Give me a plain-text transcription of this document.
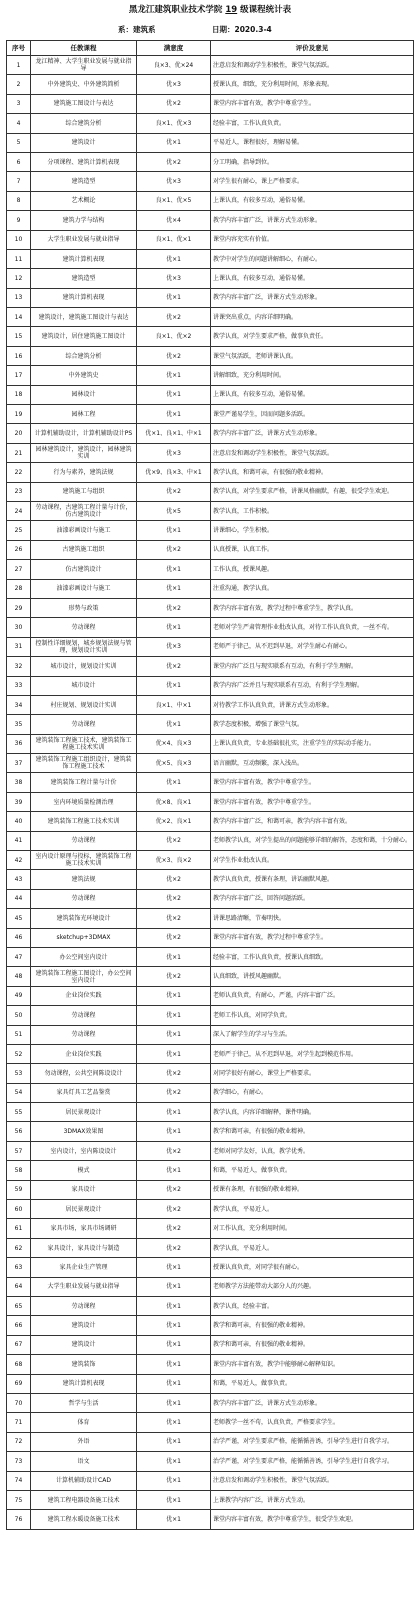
黑龙江建筑职业技术学院 19 级课程统计表
系：建筑系	日期：2020.3-4
序号	任教课程	满意度	评价及意见
1	龙江精神、大学生职业发展与就业指导	良×3、优×24	注意启发和调动学生积极性，课堂气氛活跃。
2	中外建筑史、中外建筑简析	优×3	授课认真，细致，充分利用时间，形象表现。
3	建筑施工图设计与表达	优×2	课堂内容丰富有效，教学中尊重学生。
4	综合建筑分析	良×1、优×3	经验丰富，工作认真负责。
5	建筑设计	优×1	平易近人，课程很好，理解易懂。
6	分项课程、建筑计算机表现	优×2	分工明确，指导到位。
7	建筑造型	优×3	对学生很有耐心，课上严格要求。
8	艺术概论	良×1、优×5	上课认真，有较多互动，通俗易懂。
9	建筑力学与结构	优×4	教学内容丰富广泛，讲课方式生动形象。
10	大学生职业发展与就业指导	良×1、优×1	课堂内容充实有价值。
11	建筑计算机表现	优×1	教学中对学生的问题讲解细心，有耐心。
12	建筑造型	优×3	上课认真，有较多互动，通俗易懂。
13	建筑计算机表现	优×1	教学内容丰富广泛，讲课方式生动形象。
14	建筑设计，建筑施工图设计与表达	优×2	讲课突出重点，内容详细明确。
15	建筑设计，居住建筑施工图设计	良×1、优×2	教学认真，对学生要求严格，做事负责任。
16	综合建筑分析	优×2	课堂气氛活跃，老师讲课认真。
17	中外建筑史	优×1	讲解细致，充分利用时间。
18	园林设计	优×1	上课认真，有较多互动，通俗易懂。
19	园林工程	优×1	课堂严谨易学生，因而问题多活跃。
20	计算机辅助设计，计算机辅助设计PS	优×1、良×1、中×1	教学内容丰富广泛，讲课方式生动形象。
21	园林建筑设计，建筑设计，园林建筑实训	优×3	注意启发和调动学生积极性，课堂气氛活跃。
22	行为与素养，建筑法规	优×9、良×3、中×1	教学认真，和蔼可亲，有很强的敬业精神。
23	建筑施工与组织	优×2	教学认真，对学生要求严格，讲课风格幽默，有趣，很受学生欢迎。
24	劳动课程，古建筑工程计量与计价，仿古建筑设计	优×5	教学认真，工作积极。
25	油漆彩画设计与施工	优×1	讲课细心，学生积极。
26	古建筑施工组织	优×2	认真授课，认真工作。
27	仿古建筑设计	优×1	工作认真，授课风趣。
28	油漆彩画设计与施工	优×1	注重沟通，教学认真。
29	形势与政策	优×2	教学内容丰富有效，教学过程中尊重学生，教学认真。
30	劳动课程	优×1	老师对学生严肃管理作业批改认真，对待工作认真负责，一丝不苟。
31	控制性详细规划，城乡规划法规与管理，规划设计实训	优×3	老师严于律己，从不迟到早退，对学生耐心有耐心。
32	城市设计，规划设计实训	优×2	课堂内容广泛且与现实联系有互动，有利于学生理解。
33	城市设计	优×1	教学内容广泛并且与现实联系有互动，有利于学生理解。
34	村庄规划、规划设计实训	良×1、中×1	对待教学工作认真负责，讲课方式生动形象。
35	劳动课程	优×1	教学态度积极，增强了课堂气氛。
36	建筑装饰工程施工技术，建筑装饰工程施工技术实训	优×4、良×3	上课认真负责，专业基础很扎实，注重学生的实际动手能力。
37	建筑装饰工程施工组织设计，建筑装饰工程施工技术	优×5、良×3	语言幽默，互动频繁，深入浅出。
38	建筑装饰工程计量与计价	优×1	课堂内容丰富有效，教学中尊重学生。
39	室内环境质量检测治理	优×8、良×1	课堂内容丰富有效，教学中尊重学生。
40	建筑装饰工程施工技术实训	优×2、良×1	教学内容丰富广泛，和蔼可亲，教学内容丰富有效。
41	劳动课程	优×2	老师教学认真，对学生提出的问题能够详细的解答，态度和蔼，十分耐心。
42	室内设计原理与投标，建筑装饰工程施工技术实训	优×3、良×2	对学生作业批改认真。
43	建筑法规	优×2	教学认真负责，授课有条理，讲话幽默风趣。
44	劳动课程	优×2	教学内容丰富广泛，回答问题活跃。
45	建筑装饰光环境设计	优×2	讲课思路清晰，节奏明快。
46	sketchup+3DMAX	优×2	课堂内容丰富有效，教学过程中尊重学生。
47	办公空间室内设计	优×1	经验丰富，工作认真负责，授课认真细致。
48	建筑装饰工程施工图设计，办公空间室内设计	优×2	认真细致，讲授风趣幽默。
49	企业岗位实践	优×1	老师认真负责，有耐心，严谨，内容丰富广泛。
50	劳动课程	优×1	老师工作认真，对同学负责。
51	劳动课程	优×1	深入了解学生的学习与生活。
52	企业岗位实践	优×1	老师严于律己，从不迟到早退，对学生起到模范作用。
53	勿动课程，公共空间陈设设计	优×2	对同学很好有耐心，课堂上严格要求。
54	家具灯具工艺品鉴赏	优×2	教学细心，有耐心。
55	居民景观设计	优×1	教学认真，内容详细解释，课件明确。
56	3DMAX效果图	优×1	教学和蔼可亲，有很强的敬业精神。
57	室内设计，室内陈设设计	优×2	老师对同学友好，认真，教学优秀。
58	模式	优×1	和蔼，平易近人，做事负责。
59	家具设计	优×2	授课有条理，有很强的敬业精神。
60	居民景观设计	优×2	教学认真，平易近人。
61	家具市场，家具市场调研	优×2	对工作认真，充分利用时间。
62	家具设计，家具设计与制造	优×2	教学认真，平易近人。
63	家具企业生产管理	优×1	授课认真负责，对同学很有耐心。
64	大学生职业发展与就业指导	优×1	老师教学方法能带动大部分人的兴趣。
65	劳动课程	优×1	教学认真，经验丰富。
66	建筑设计	优×1	教学和蔼可亲，有很强的敬业精神。
67	建筑设计	优×1	教学和蔼可亲，有很强的敬业精神。
68	建筑装饰	优×1	课堂内容丰富有效，教学中能够耐心解释知识。
69	建筑计算机表现	优×1	和蔼，平易近人，做事负责。
70	哲学与生活	优×1	教学内容丰富广泛，讲课方式生动形象。
71	体育	优×1	老师教学一丝不苟，认真负责，严格要求学生。
72	外语	优×1	治学严谨，对学生要求严格，能循循善诱，引导学生进行自我学习。
73	语文	优×1	治学严谨，对学生要求严格，能循循善诱，引导学生进行自我学习。
74	计算机辅助设计CAD	优×1	注意启发和调动学生积极性，课堂气氛活跃。
75	建筑工程电器设备施工技术	优×1	上课教学内容广泛，讲课方式生动。
76	建筑工程水暖设备施工技术	优×1	课堂内容丰富有效，教学中尊重学生，很受学生欢迎。
